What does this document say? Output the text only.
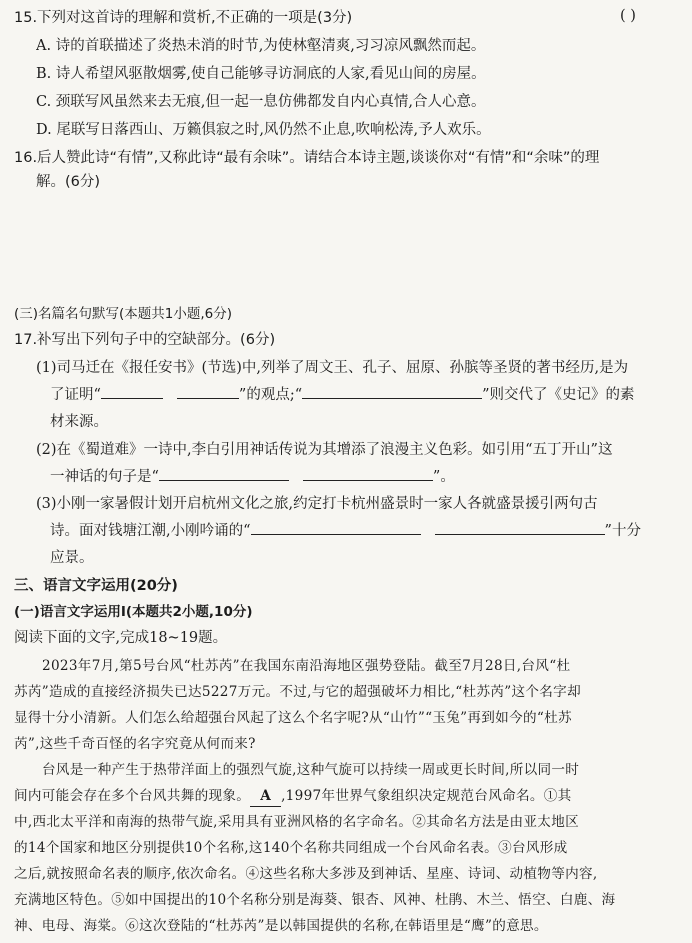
15.下列对这首诗的理解和赏析,不正确的一项是(3分)	( )
A. 诗的首联描述了炎热未消的时节,为使林壑清爽,习习凉风飘然而起。
B. 诗人希望风驱散烟雾,使自己能够寻访洞底的人家,看见山间的房屋。
C. 颈联写风虽然来去无痕,但一起一息仿佛都发自内心真情,合人心意。
D. 尾联写日落西山、万籁俱寂之时,风仍然不止息,吹响松涛,予人欢乐。
16.后人赞此诗“有情”,又称此诗“最有余味”。请结合本诗主题,谈谈你对“有情”和“余味”的理
解。(6分)
(三)名篇名句默写(本题共1小题,6分)
17.补写出下列句子中的空缺部分。(6分)
(1)司马迁在《报任安书》(节选)中,列举了周文王、孔子、屈原、孙膑等圣贤的著书经历,是为
了证明“	”的观点;“	”则交代了《史记》的素
材来源。
(2)在《蜀道难》一诗中,李白引用神话传说为其增添了浪漫主义色彩。如引用“五丁开山”这
一神话的句子是“	”。
(3)小刚一家暑假计划开启杭州文化之旅,约定打卡杭州盛景时一家人各就盛景援引两句古
诗。面对钱塘江潮,小刚吟诵的“	”十分
应景。
三、语言文字运用(20分)
(一)语言文字运用Ⅰ(本题共2小题,10分)
阅读下面的文字,完成18~19题。
2023年7月,第5号台风“杜苏芮”在我国东南沿海地区强势登陆。截至7月28日,台风“杜
苏芮”造成的直接经济损失已达5227万元。不过,与它的超强破坏力相比,“杜苏芮”这个名字却
显得十分小清新。人们怎么给超强台风起了这么个名字呢?从“山竹”“玉兔”再到如今的“杜苏
芮”,这些千奇百怪的名字究竟从何而来?
台风是一种产生于热带洋面上的强烈气旋,这种气旋可以持续一周或更长时间,所以同一时
间内可能会存在多个台风共舞的现象。 A ,1997年世界气象组织决定规范台风命名。①其
中,西北太平洋和南海的热带气旋,采用具有亚洲风格的名字命名。②其命名方法是由亚太地区
的14个国家和地区分别提供10个名称,这140个名称共同组成一个台风命名表。③台风形成
之后,就按照命名表的顺序,依次命名。④这些名称大多涉及到神话、星座、诗词、动植物等内容,
充满地区特色。⑤如中国提出的10个名称分别是海葵、银杏、风神、杜鹃、木兰、悟空、白鹿、海
神、电母、海棠。⑥这次登陆的“杜苏芮”是以韩国提供的名称,在韩语里是“鹰”的意思。
